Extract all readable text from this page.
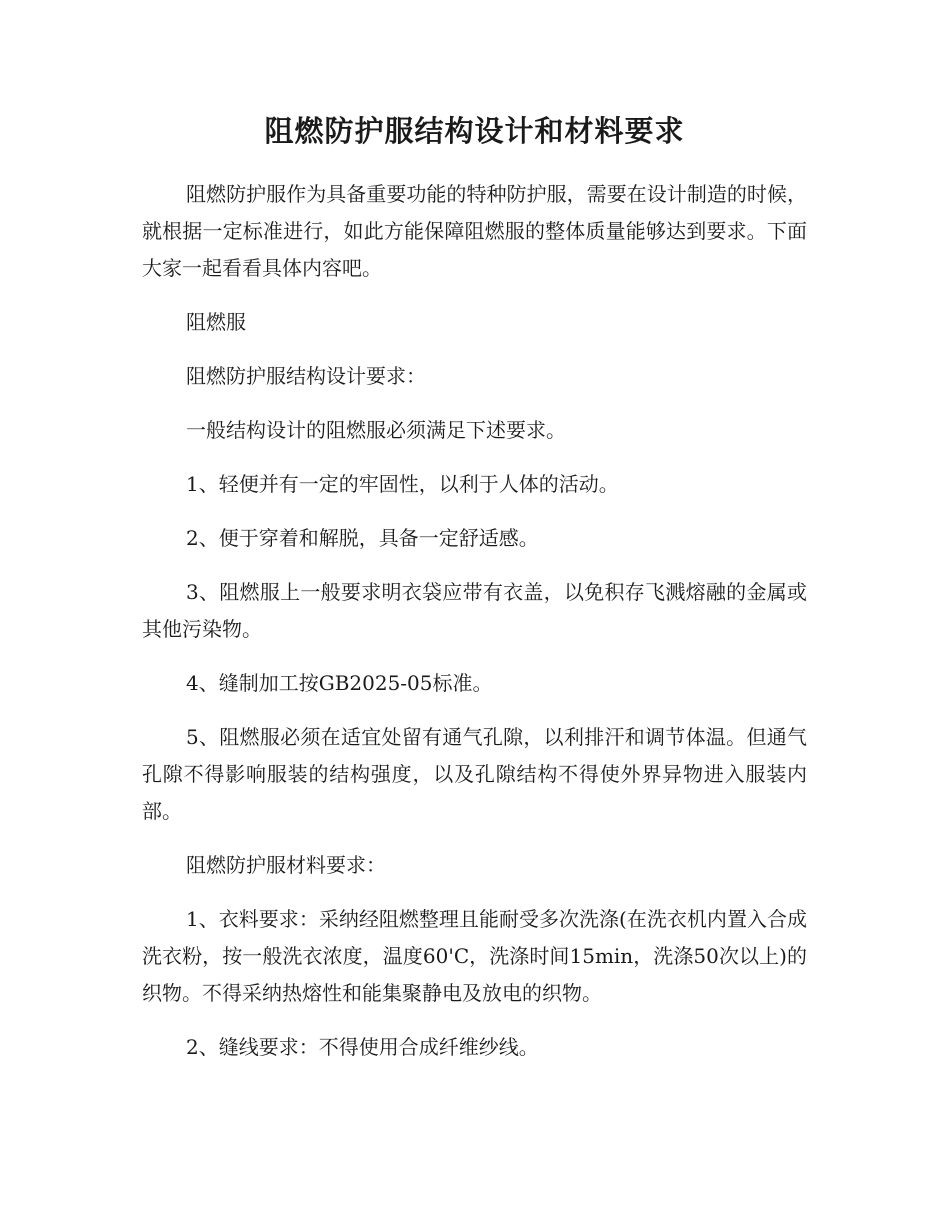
阻燃防护服结构设计和材料要求

阻燃防护服作为具备重要功能的特种防护服，需要在设计制造的时候，就根据一定标准进行，如此方能保障阻燃服的整体质量能够达到要求。下面大家一起看看具体内容吧。

阻燃服

阻燃防护服结构设计要求：

一般结构设计的阻燃服必须满足下述要求。

1、轻便并有一定的牢固性，以利于人体的活动。

2、便于穿着和解脱，具备一定舒适感。

3、阻燃服上一般要求明衣袋应带有衣盖，以免积存飞溅熔融的金属或其他污染物。

4、缝制加工按GB2025-05标准。

5、阻燃服必须在适宜处留有通气孔隙，以利排汗和调节体温。但通气孔隙不得影响服装的结构强度，以及孔隙结构不得使外界异物进入服装内部。

阻燃防护服材料要求：

1、衣料要求：采纳经阻燃整理且能耐受多次洗涤(在洗衣机内置入合成洗衣粉，按一般洗衣浓度，温度60'C，洗涤时间15min，洗涤50次以上)的织物。不得采纳热熔性和能集聚静电及放电的织物。

2、缝线要求：不得使用合成纤维纱线。
